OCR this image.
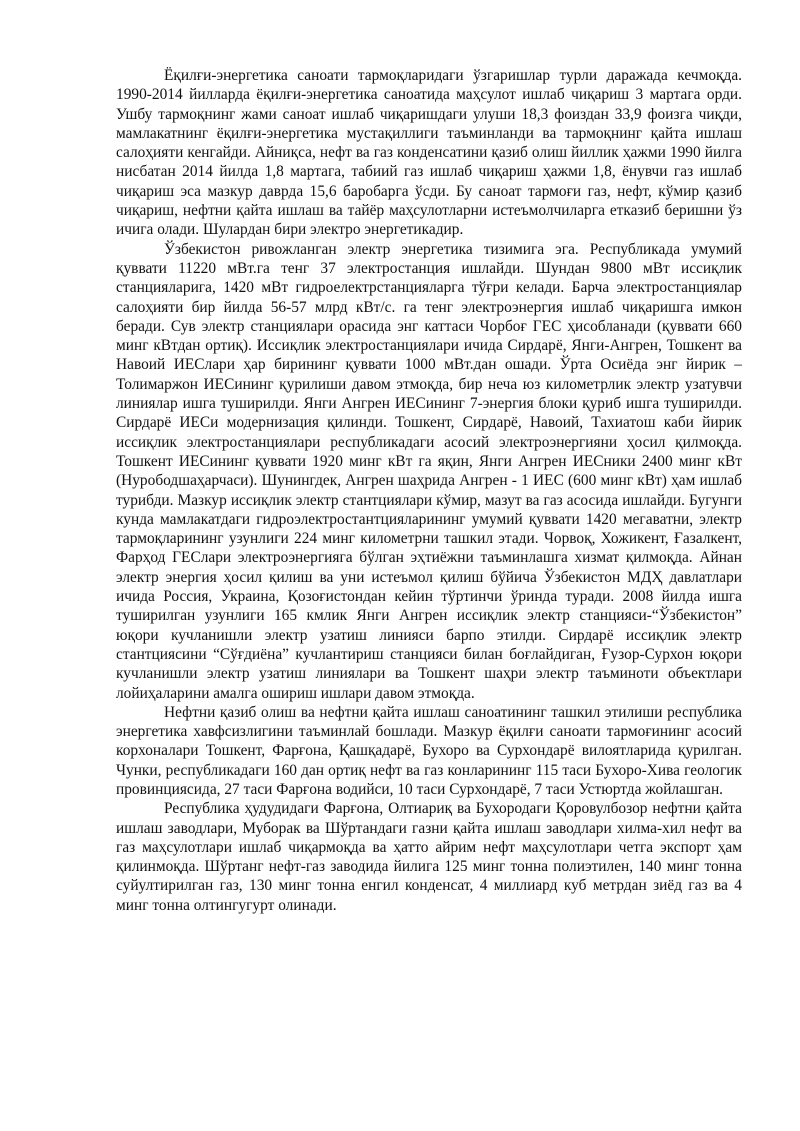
Ёқилғи-энергетика саноати тармоқларидаги ўзгаришлар турли даражада кечмоқда. 1990-2014 йилларда ёқилғи-энергетика саноатида маҳсулот ишлаб чиқариш 3 мартага орди. Ушбу тармоқнинг жами саноат ишлаб чиқаришдаги улуши 18,3 фоиздан 33,9 фоизга чиқди, мамлакатнинг ёқилғи-энергетика мустақиллиги таъминланди ва тармоқнинг қайта ишлаш салоҳияти кенгайди. Айниқса, нефт ва газ конденсатини қазиб олиш йиллик ҳажми 1990 йилга нисбатан 2014 йилда 1,8 мартага, табиий газ ишлаб чиқариш ҳажми 1,8, ёнувчи газ ишлаб чиқариш эса мазкур даврда 15,6 баробарга ўсди. Бу саноат тармоғи газ, нефт, кўмир қазиб чиқариш, нефтни қайта ишлаш ва тайёр маҳсулотларни истеъмолчиларга етказиб беришни ўз ичига олади. Шулардан бири электро энергетикадир.

Ўзбекистон ривожланган электр энергетика тизимига эга. Республикада умумий қуввати 11220 мВт.га тенг 37 электростанция ишлайди. Шундан 9800 мВт иссиқлик станцияларига, 1420 мВт гидроелектрстанцияларга тўғри келади. Барча электростанциялар салоҳияти бир йилда 56-57 млрд кВт/с. га тенг электроэнергия ишлаб чиқаришга имкон беради. Сув электр станциялари орасида энг каттаси Чорбоғ ГЕС ҳисобланади (қуввати 660 минг кВтдан ортиқ). Иссиқлик электростанциялари ичида Сирдарё, Янги-Ангрен, Тошкент ва Навоий ИЕСлари ҳар бирининг қуввати 1000 мВт.дан ошади. Ўрта Осиёда энг йирик – Толимаржон ИЕСининг қурилиши давом этмоқда, бир неча юз километрлик электр узатувчи линиялар ишга туширилди. Янги Ангрен ИЕСининг 7-энергия блоки қуриб ишга туширилди. Сирдарё ИЕСи модернизация қилинди. Тошкент, Сирдарё, Навоий, Тахиатош каби йирик иссиқлик электростанциялари республикадаги асосий электроэнергияни ҳосил қилмоқда. Тошкент ИЕСининг қуввати 1920 минг кВт га яқин, Янги Ангрен ИЕСники 2400 минг кВт (Нурободшаҳарчаси). Шунингдек, Ангрен шаҳрида Ангрен - 1 ИЕС (600 минг кВт) ҳам ишлаб турибди. Мазкур иссиқлик электр стантциялари кўмир, мазут ва газ асосида ишлайди. Бугунги кунда мамлакатдаги гидроэлектростантцияларининг умумий қуввати 1420 мегаватни, электр тармоқларининг узунлиги 224 минг километрни ташкил этади. Чорвоқ, Хожикент, Ғазалкент, Фарҳод ГЕСлари электроэнергияга бўлган эҳтиёжни таъминлашга хизмат қилмоқда. Айнан электр энергия ҳосил қилиш ва уни истеъмол қилиш бўйича Ўзбекистон МДҲ давлатлари ичида Россия, Украина, Қозоғистондан кейин тўртинчи ўринда туради. 2008 йилда ишга туширилган узунлиги 165 кмлик Янги Ангрен иссиқлик электр станцияси-“Ўзбекистон” юқори кучланишли электр узатиш линияси барпо этилди. Сирдарё иссиқлик электр стантциясини “Сўғдиёна” кучлантириш станцияси билан боғлайдиган, Ғузор-Сурхон юқори кучланишли электр узатиш линиялари ва Тошкент шаҳри электр таъминоти объектлари лойиҳаларини амалга ошириш ишлари давом этмоқда.

Нефтни қазиб олиш ва нефтни қайта ишлаш саноатининг ташкил этилиши республика энергетика хавфсизлигини таъминлай бошлади. Мазкур ёқилғи саноати тармоғининг асосий корхоналари Тошкент, Фарғона, Қашқадарё, Бухоро ва Сурхондарё вилоятларида қурилган. Чунки, республикадаги 160 дан ортиқ нефт ва газ конларининг 115 таси Бухоро-Хива геологик провинциясида, 27 таси Фарғона водийси, 10 таси Сурхондарё, 7 таси Устюртда жойлашган.

Республика ҳудудидаги Фарғона, Олтиариқ ва Бухородаги Қоровулбозор нефтни қайта ишлаш заводлари, Муборак ва Шўртандаги газни қайта ишлаш заводлари хилма-хил нефт ва газ маҳсулотлари ишлаб чиқармоқда ва ҳатто айрим нефт маҳсулотлари четга экспорт ҳам қилинмоқда. Шўртанг нефт-газ заводида йилига 125 минг тонна полиэтилен, 140 минг тонна суйултирилган газ, 130 минг тонна енгил конденсат, 4 миллиард куб метрдан зиёд газ ва 4 минг тонна олтингугурт олинади.
